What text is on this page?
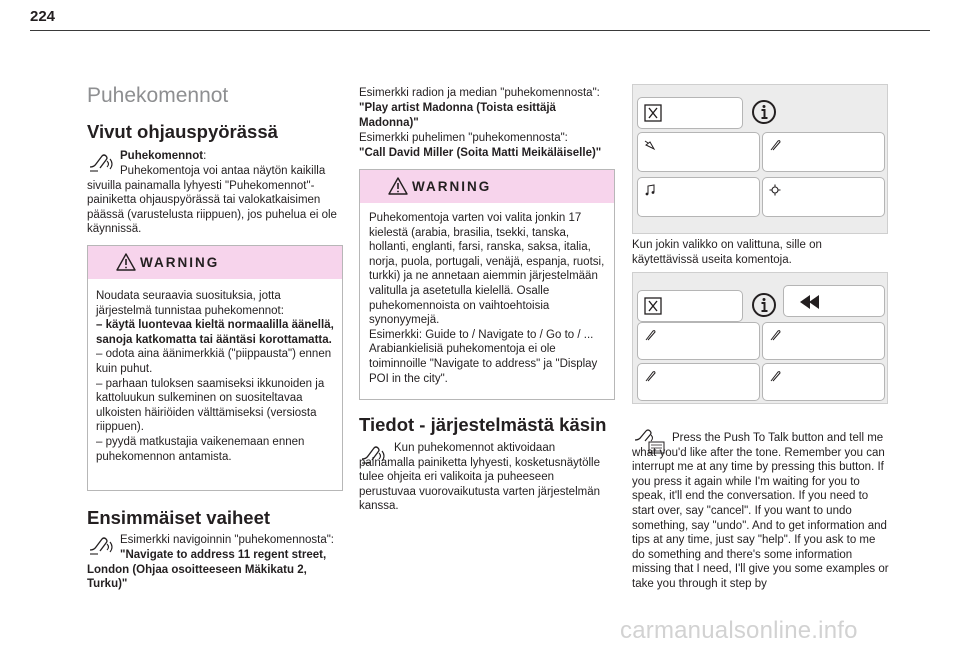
224
Puhekomennot
Vivut ohjauspyörässä

Puhekomennot:

Puhekomentoja voi antaa näytön kaikilla sivuilla painamalla lyhyesti "Puhekomennot"-painiketta ohjauspyörässä tai valokatkaisimen päässä (varustelusta riippuen), jos puhelua ei ole käynnissä.

WARNING

Noudata seuraavia suosituksia, jotta järjestelmä tunnistaa puhekomennot:

– käytä luontevaa kieltä normaalilla äänellä, sanoja katkomatta tai ääntäsi korottamatta.

– odota aina äänimerkkiä ("piippausta") ennen kuin puhut.

– parhaan tuloksen saamiseksi ikkunoiden ja kattoluukun sulkeminen on suositeltavaa ulkoisten häiriöiden välttämiseksi (versiosta riippuen).

– pyydä matkustajia vaikenemaan ennen puhekomennon antamista.

Ensimmäiset vaiheet

Esimerkki navigoinnin "puhekomennosta":

"Navigate to address 11 regent street, London (Ohjaa osoitteeseen Mäkikatu 2, Turku)"

Esimerkki radion ja median "puhekomennosta":

"Play artist Madonna (Toista esittäjä Madonna)"

Esimerkki puhelimen "puhekomennosta":

"Call David Miller (Soita Matti Meikäläiselle)"

WARNING

Puhekomentoja varten voi valita jonkin 17 kielestä (arabia, brasilia, tsekki, tanska, hollanti, englanti, farsi, ranska, saksa, italia, norja, puola, portugali, venäjä, espanja, ruotsi, turkki) ja ne annetaan aiemmin järjestelmään valitulla ja asetetulla kielellä. Osalle puhekomennoista on vaihtoehtoisia synonyymejä.

Esimerkki: Guide to / Navigate to / Go to / ...

Arabiankielisiä puhekomentoja ei ole toiminnoille "Navigate to address" ja "Display POI in the city".

Tiedot - järjestelmästä käsin

Kun puhekomennot aktivoidaan painamalla painiketta lyhyesti, kosketusnäytölle tulee ohjeita eri valikoita ja puheeseen perustuvaa vuorovaikutusta varten järjestelmän kanssa.

Kun jokin valikko on valittuna, sille on käytettävissä useita komentoja.

Press the Push To Talk button and tell me what you'd like after the tone. Remember you can interrupt me at any time by pressing this button. If you press it again while I'm waiting for you to speak, it'll end the conversation. If you need to start over, say "cancel". If you want to undo something, say "undo". And to get information and tips at any time, just say "help". If you ask to me do something and there's some information missing that I need, I'll give you some examples or take you through it step by

carmanualsonline.info
